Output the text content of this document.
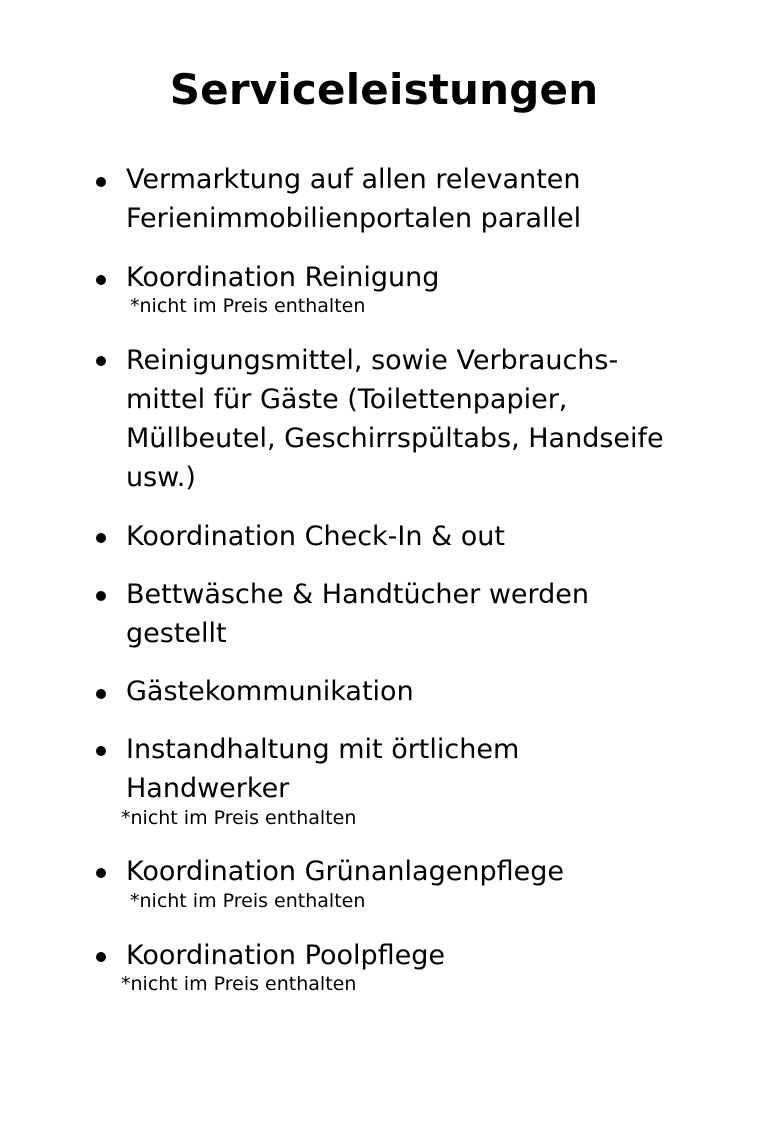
Serviceleistungen
Vermarktung auf allen relevanten Ferienimmobilienportalen parallel
Koordination Reinigung
*nicht im Preis enthalten
Reinigungsmittel, sowie Verbrauchs-mittel für Gäste (Toilettenpapier, Müllbeutel, Geschirrspültabs, Handseife usw.)
Koordination Check-In & out
Bettwäsche & Handtücher werden gestellt
Gästekommunikation
Instandhaltung mit örtlichem Handwerker
*nicht im Preis enthalten
Koordination Grünanlagenpflege
*nicht im Preis enthalten
Koordination Poolpflege
*nicht im Preis enthalten
